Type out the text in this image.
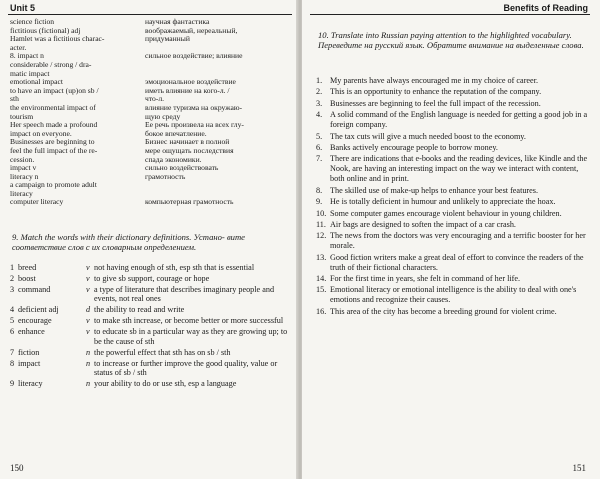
Unit 5
science fiction	научная фантастика
fictitious (fictional) adj	воображаемый, нереальный,
Hamlet was a fictitious charac-	придуманный
acter.
8. impact n	сильное воздействие; влияние
considerable / strong / dra-
matic impact
emotional impact	эмоциональное воздействие
to have an impact (up)on sb /	иметь влияние на кого-л. /
sth	что-л.
the environmental impact of	влияние туризма на окружаю-
tourism	щую среду
Her speech made a profound	Ее речь произвела на всех глу-
impact on everyone.	бокое впечатление.
Businesses are beginning to	Бизнес начинает в полной
feel the full impact of the re-	мере ощущать последствия
cession.	спада экономики.
impact v	сильно воздействовать
literacy n	грамотность
a campaign to promote adult
literacy
computer literacy	компьютерная грамотность
9. Match the words with their dictionary definitions. Устано- вите соответствие слов с их словарным определением.
1 breed	v not having enough of sth, esp sth that is essential
2 boost	v to give sb support, courage or hope
3 command	v a type of literature that describes imaginary people and events, not real ones
4 deficient adj	d the ability to read and write
5 encourage	v to make sth increase, or become better or more successful
6 enhance	v to educate sb in a particular way as they are growing up; to be the cause of sth
7 fiction	n the powerful effect that sth has on sb / sth
8 impact	n to increase or further improve the good quality, value or status of sb / sth
9 literacy	n your ability to do or use sth, esp a language
150
Benefits of Reading
10. Translate into Russian paying attention to the highlighted vocabulary. Переведите на русский язык. Обратите внимание на выделенные слова.
1. My parents have always encouraged me in my choice of career.
2. This is an opportunity to enhance the reputation of the company.
3. Businesses are beginning to feel the full impact of the recession.
4. A solid command of the English language is needed for getting a good job in a foreign company.
5. The tax cuts will give a much needed boost to the economy.
6. Banks actively encourage people to borrow money.
7. There are indications that e-books and the reading devices, like Kindle and the Nook, are having an interesting impact on the way we interact with content, both online and in print.
8. The skilled use of make-up helps to enhance your best features.
9. He is totally deficient in humour and unlikely to appreciate the hoax.
10. Some computer games encourage violent behaviour in young children.
11. Air bags are designed to soften the impact of a car crash.
12. The news from the doctors was very encouraging and a terrific booster for her morale.
13. Good fiction writers make a great deal of effort to convince the readers of the truth of their fictional characters.
14. For the first time in years, she felt in command of her life.
15. Emotional literacy or emotional intelligence is the ability to deal with one's emotions and recognize their causes.
16. This area of the city has become a breeding ground for violent crime.
151
